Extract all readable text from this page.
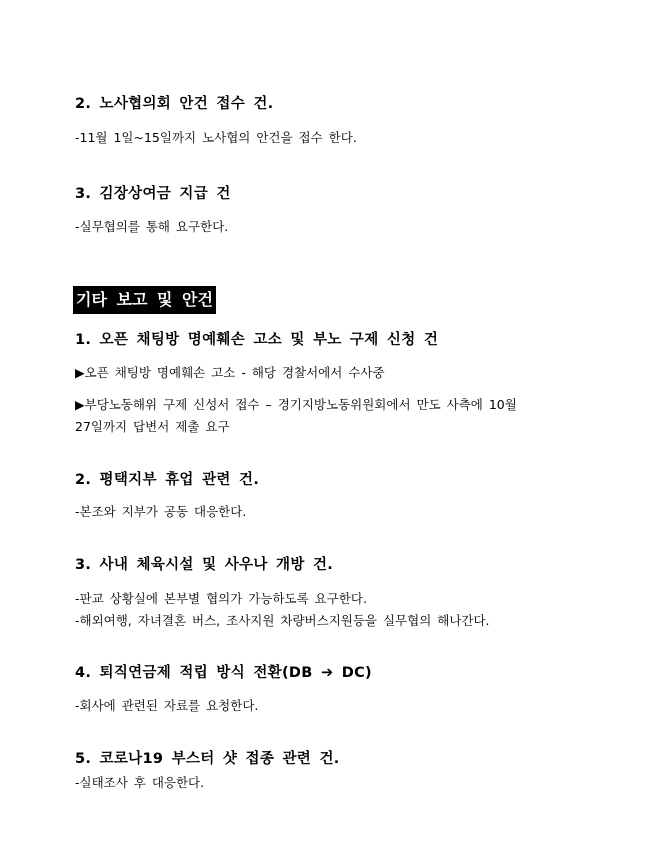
2. 노사협의회 안건 접수 건.
-11월 1일~15일까지 노사협의 안건을 접수 한다.
3. 김장상여금 지급 건
-실무협의를 통해 요구한다.
기타 보고 및 안건
1. 오픈 채팅방 명예훼손 고소 및 부노 구제 신청 건
▶오픈 채팅방 명예훼손 고소 - 해당 경찰서에서 수사중
▶부당노동해위 구제 신성서 접수 – 경기지방노동위원회에서 만도 사측에 10월
27일까지 답변서 제출 요구
2. 평택지부 휴업 관련 건.
-본조와 지부가 공동 대응한다.
3. 사내 체육시설 및 사우나 개방 건.
-판교 상황실에 본부별 협의가 가능하도록 요구한다.
-해외여행, 자녀결혼 버스, 조사지원 차량버스지원등을 실무협의 해나간다.
4. 퇴직연금제 적립 방식 전환(DB ➔ DC)
-회사에 관련된 자료를 요청한다.
5. 코로나19 부스터 샷 접종 관련 건.
-실태조사 후 대응한다.
